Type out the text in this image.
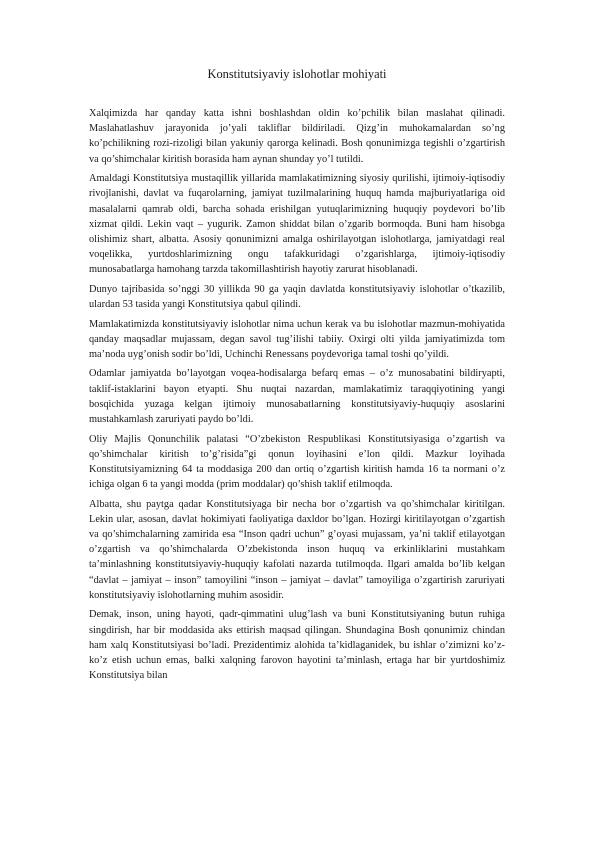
Konstitutsiyaviy islohotlar mohiyati

Xalqimizda har qanday katta ishni boshlashdan oldin ko’pchilik bilan maslahat qilinadi. Maslahatlashuv jarayonida jo’yali takliflar bildiriladi. Qizg’in muhokamalardan so’ng ko’pchilikning rozi-rizoligi bilan yakuniy qarorga kelinadi. Bosh qonunimizga tegishli o’zgartirish va qo’shimchalar kiritish borasida ham aynan shunday yo’l tutildi.

Amaldagi Konstitutsiya mustaqillik yillarida mamlakatimizning siyosiy qurilishi, ijtimoiy-iqtisodiy rivojlanishi, davlat va fuqarolarning, jamiyat tuzilmalarining huquq hamda majburiyatlariga oid masalalarni qamrab oldi, barcha sohada erishilgan yutuqlarimizning huquqiy poydevori bo’lib xizmat qildi. Lekin vaqt – yugurik. Zamon shiddat bilan o’zgarib bormoqda. Buni ham hisobga olishimiz shart, albatta. Asosiy qonunimizni amalga oshirilayotgan islohotlarga, jamiyatdagi real voqelikka, yurtdoshlarimizning ongu tafakkuridagi o’zgarishlarga, ijtimoiy-iqtisodiy munosabatlarga hamohang tarzda takomillashtirish hayotiy zarurat hisoblanadi.

Dunyo tajribasida so’nggi 30 yillikda 90 ga yaqin davlatda konstitutsiyaviy islohotlar o’tkazilib, ulardan 53 tasida yangi Konstitutsiya qabul qilindi.

Mamlakatimizda konstitutsiyaviy islohotlar nima uchun kerak va bu islohotlar mazmun-mohiyatida qanday maqsadlar mujassam, degan savol tug’ilishi tabiiy. Oxirgi olti yilda jamiyatimizda tom ma’noda uyg’onish sodir bo’ldi, Uchinchi Renessans poydevoriga tamal toshi qo’yildi.

Odamlar jamiyatda bo’layotgan voqea-hodisalarga befarq emas – o’z munosabatini bildiryapti, taklif-istaklarini bayon etyapti. Shu nuqtai nazardan, mamlakatimiz taraqqiyotining yangi bosqichida yuzaga kelgan ijtimoiy munosabatlarning konstitutsiyaviy-huquqiy asoslarini mustahkamlash zaruriyati paydo bo’ldi.

Oliy Majlis Qonunchilik palatasi “O’zbekiston Respublikasi Konstitutsiyasiga o’zgartish va qo’shimchalar kiritish to’g’risida”gi qonun loyihasini e’lon qildi. Mazkur loyihada Konstitutsiyamizning 64 ta moddasiga 200 dan ortiq o’zgartish kiritish hamda 16 ta normani o’z ichiga olgan 6 ta yangi modda (prim moddalar) qo’shish taklif etilmoqda.

Albatta, shu paytga qadar Konstitutsiyaga bir necha bor o’zgartish va qo’shimchalar kiritilgan. Lekin ular, asosan, davlat hokimiyati faoliyatiga daxldor bo’lgan. Hozirgi kiritilayotgan o’zgartish va qo’shimchalarning zamirida esa “Inson qadri uchun” g’oyasi mujassam, ya’ni taklif etilayotgan o’zgartish va qo’shimchalarda O’zbekistonda inson huquq va erkinliklarini mustahkam ta’minlashning konstitutsiyaviy-huquqiy kafolati nazarda tutilmoqda. Ilgari amalda bo’lib kelgan “davlat – jamiyat – inson” tamoyilini “inson – jamiyat – davlat” tamoyiliga o’zgartirish zaruriyati konstitutsiyaviy islohotlarning muhim asosidir.

Demak, inson, uning hayoti, qadr-qimmatini ulug’lash va buni Konstitutsiyaning butun ruhiga singdirish, har bir moddasida aks ettirish maqsad qilingan. Shundagina Bosh qonunimiz chindan ham xalq Konstitutsiyasi bo’ladi. Prezidentimiz alohida ta’kidlaganidek, bu ishlar o’zimizni ko’z-ko’z etish uchun emas, balki xalqning farovon hayotini ta’minlash, ertaga har bir yurtdoshimiz Konstitutsiya bilan
